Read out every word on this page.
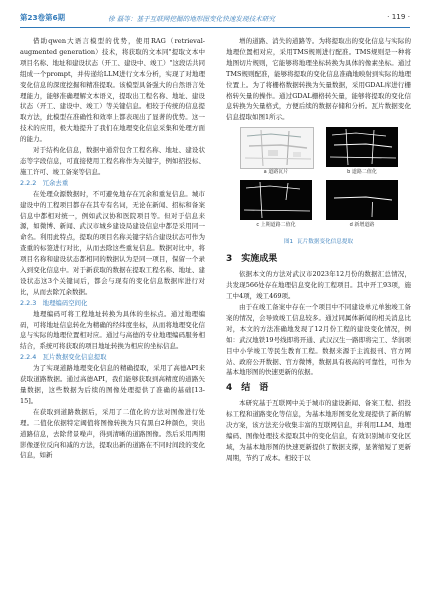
第23卷第6期	徐 磊等：基于互联网挖掘的地形图变化快速发现技术研究	· 119 ·

借助qwen大语言模型的优势，使用RAG（retrieval-augmented generation）技术，将获取的文本同"提取文本中项目名称、地址和建设状态（开工、建设中、竣工）"这段话共同组成一个prompt，并传递给LLM进行文本分析，实现了对地理变化信息的深度挖掘和精准提取。该模型具备强大的自然语言处理能力，能够准确理解文本语义，提取出工程名称、地址、建设状态（开工、建设中、竣工）等关键信息。相较于传统的信息提取方法，此模型在准确性和效率上都表现出了显著的优势。这一技术的应用，极大地提升了我们在地理变化信息采集和处理方面的能力。

对于结构化信息，数据中通常包含工程名称、地址、建设状态等字段信息，可直接使用工程名称作为关键字，例如招投标、施工许可、竣工备案等信息。

2.2.2　冗余去重

在处理众源数据时，不可避免地存在冗余和重复信息。城市建设中的工程项目都存在其专有名词，无论在新闻、招标和备案信息中都相对统一，例如武汉协和医院项目等。但对于信息来源，如微博、新闻、武汉市城乡建设局建设信息中都是采用同一命名。利用此特点，提取的项目名称关键字结合建设状态可作为查重的标签进行对比，从而去除这些重复信息。数据对比中，将项目名称和建设状态都相同的数据认为是同一项目，保留一个录入到变化信息中。对于新获取的数据在提取工程名称、地址、建设状态这3个关键词后，都会与现有的变化信息数据库进行对比，从而去除冗余数据。

2.2.3　地理编码空间化

地理编码可将工程地址转换为具体的坐标点。通过地理编码，可将地址信息转化为精确的经纬度坐标，从而将地理变化信息与实际的地理位置相对应。通过与高德的专业地理编码服务相结合，系统可将获取的项目地址转换为相应的坐标信息。

2.2.4　瓦片数据变化信息提取

为了实现道路地理变化信息的精确提取，采用了高德API来获取道路数据。通过高德API，我们能够获取到高精度的道路矢量数据，这些数据为后续的图像处理提供了准确的基础[13-15]。

在获取到道路数据后，采用了二值化的方法对图像进行处理。二值化依据特定阈值将图像转换为只有黑白2种颜色，突出道路信息，去除背景噪声，得到清晰的道路图像。然后采用两期影像逐位反向和减的方法，提取出新的道路在不同时间段的变化信息，如新

增的道路、消失的道路等。为将提取出的变化信息与实际的地理位置相对应，采用TMS规则进行配准。TMS规则是一种将地图切片规则，它能够将地理坐标转换为具体的像素坐标。通过TMS规则配准，能够将提取的变化信息准确地映射到实际的地理位置上。为了将栅格数据转换为矢量数据，采用GDAL库进行栅格转矢量的操作。通过GDAL栅格转矢量，能够将提取的变化信息转换为矢量格式，方便后续的数据存储和分析。瓦片数据变化信息提取如图1所示。

a 道路瓦片	b 道路二值化
c 上期道路二值化	d 新增道路

图1 瓦片数据变化信息提取

3　实施成果

依据本文的方法对武汉市2023年12月份的数据汇总情况，共发现566处存在地理信息变化的工程项目。其中开工93项，施工中4项，竣工469项。

由于在竣工备案中存在一个项目中不同建设单元单独竣工备案的情况，会导致竣工信息较多。通过同属体新闻的相关消息比对，本文的方法准确地发现了12月份工程的建设变化情况，例如：武汉地铁19号线即将开通、武汉汉生一路即将完工、华润项目中小学竣工等民生教育工程。数据来源于主流报刊、官方网站、政府公开数据、官方微博，数据具有极高的可靠性，可作为基本地形图的快速更新的依据。

4　结　语

本研究基于互联网中关于城市的建设新闻、备案工程、招投标工程和道路变化等信息，为基本地形图变化发现提供了新的解决方案，该方法充分收集丰富的互联网信息，并利用LLM、地理编码、图像处理技术提取其中的变化信息，有效识别城市变化区域，为基本地形图的快速更新提供了数据支撑，显著缩短了更新周期，节约了成本。相较于以
